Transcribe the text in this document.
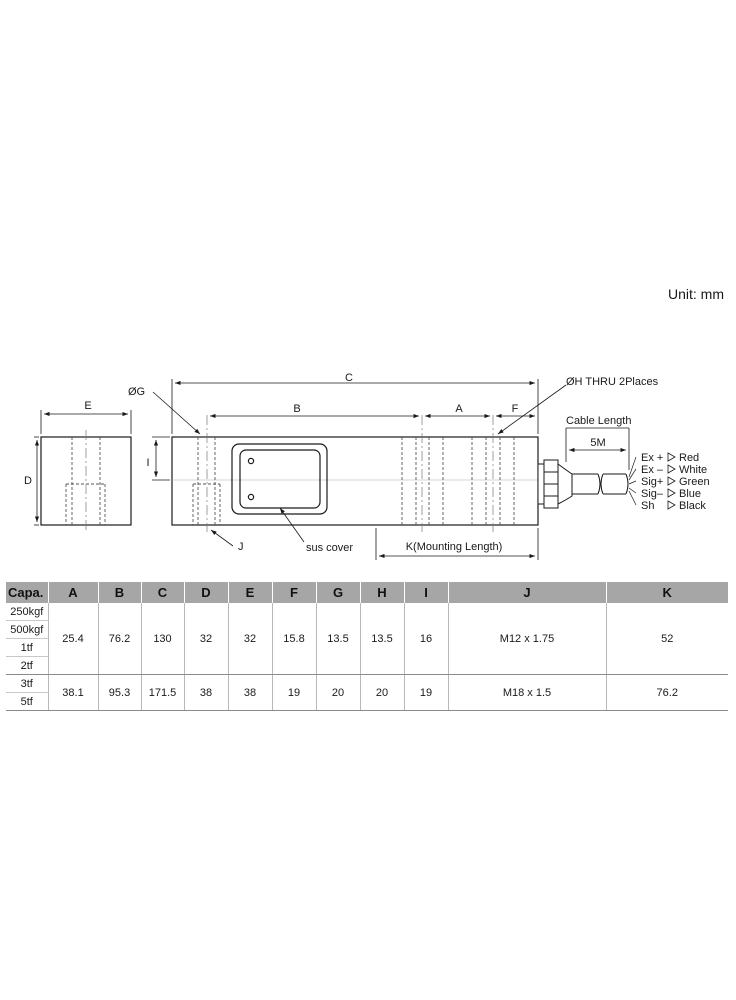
Unit: mm
E
D
C
B	A	F
I
ØG
ØH THRU 2Places
J	sus cover	K(Mounting Length)
Cable Length
5M
Ex + Red
Ex – White
Sig+ Green
Sig– Blue
Sh Black
Capa.	A	B	C	D	E	F	G	H	I	J	K
250kgf	25.4	76.2	130	32	32	15.8	13.5	13.5	16	M12 x 1.75	52
500kgf											
1tf											
2tf											
3tf	38.1	95.3	171.5	38	38	19	20	20	19	M18 x 1.5	76.2
5tf											
